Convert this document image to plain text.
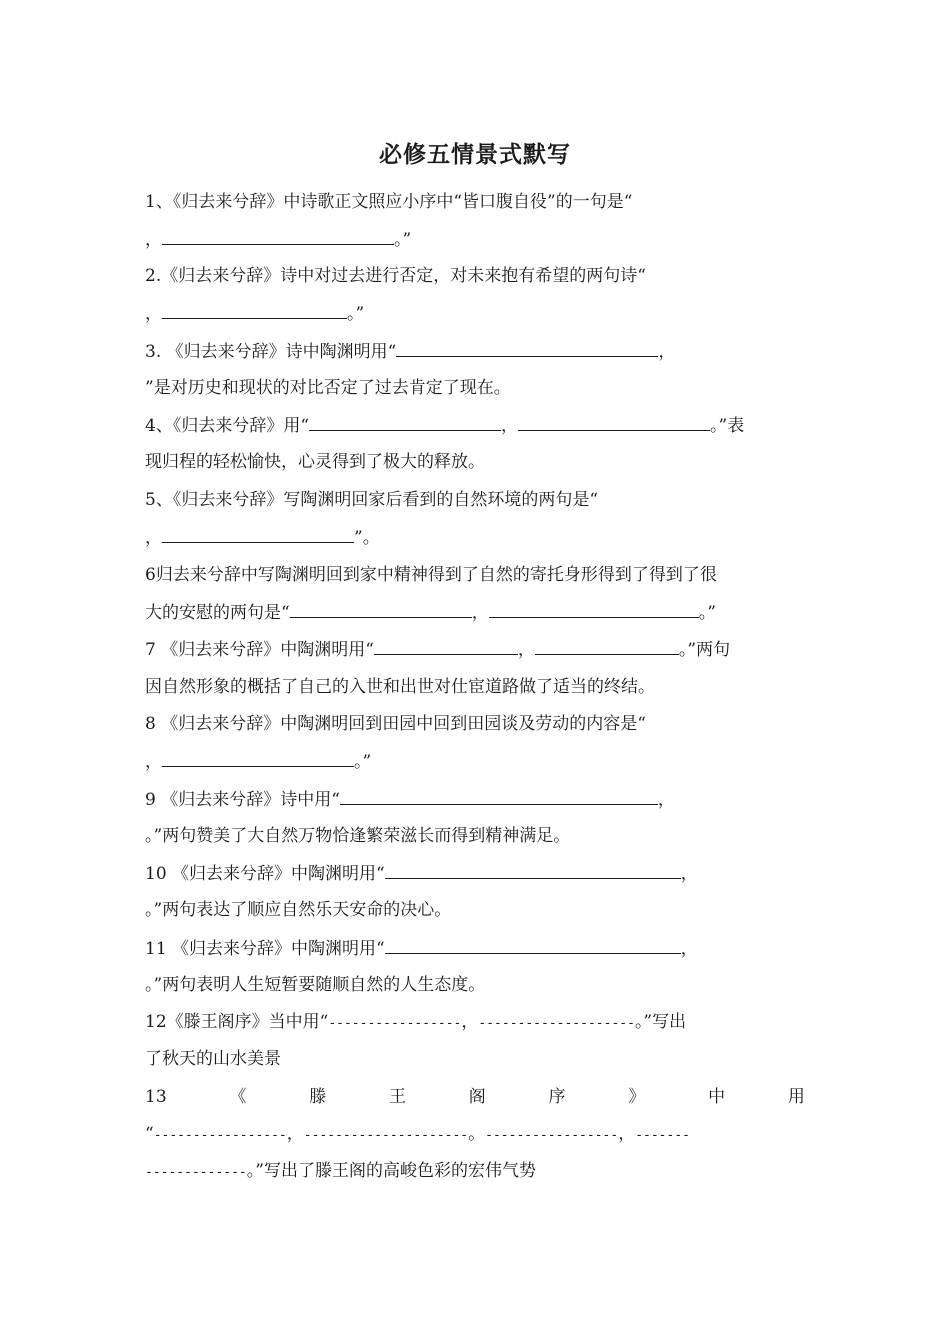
必修五情景式默写
1、《归去来兮辞》中诗歌正文照应小序中“皆口腹自役”的一句是“
，	。”
2.《归去来兮辞》诗中对过去进行否定，对未来抱有希望的两句诗“
，	。”
3. 《归去来兮辞》诗中陶渊明用“	，
”是对历史和现状的对比否定了过去肯定了现在。
4、《归去来兮辞》用“	，	。”表
现归程的轻松愉快，心灵得到了极大的释放。
5、《归去来兮辞》写陶渊明回家后看到的自然环境的两句是“
，	”。
6归去来兮辞中写陶渊明回到家中精神得到了自然的寄托身形得到了得到了很
大的安慰的两句是“	，	。”
7 《归去来兮辞》中陶渊明用“	，	。”两句
因自然形象的概括了自己的入世和出世对仕宦道路做了适当的终结。
8 《归去来兮辞》中陶渊明回到田园中回到田园谈及劳动的内容是“
，	。”
9 《归去来兮辞》诗中用“	，
。”两句赞美了大自然万物恰逢繁荣滋长而得到精神满足。
10 《归去来兮辞》中陶渊明用“	，
。”两句表达了顺应自然乐天安命的决心。
11 《归去来兮辞》中陶渊明用“	，
。”两句表明人生短暂要随顺自然的人生态度。
12《滕王阁序》当中用“-----------------，--------------------。”写出
了秋天的山水美景
13	《	滕	王	阁	序	》	中	用
“-----------------，---------------------。-----------------，-------
-------------。”写出了滕王阁的高峻色彩的宏伟气势
